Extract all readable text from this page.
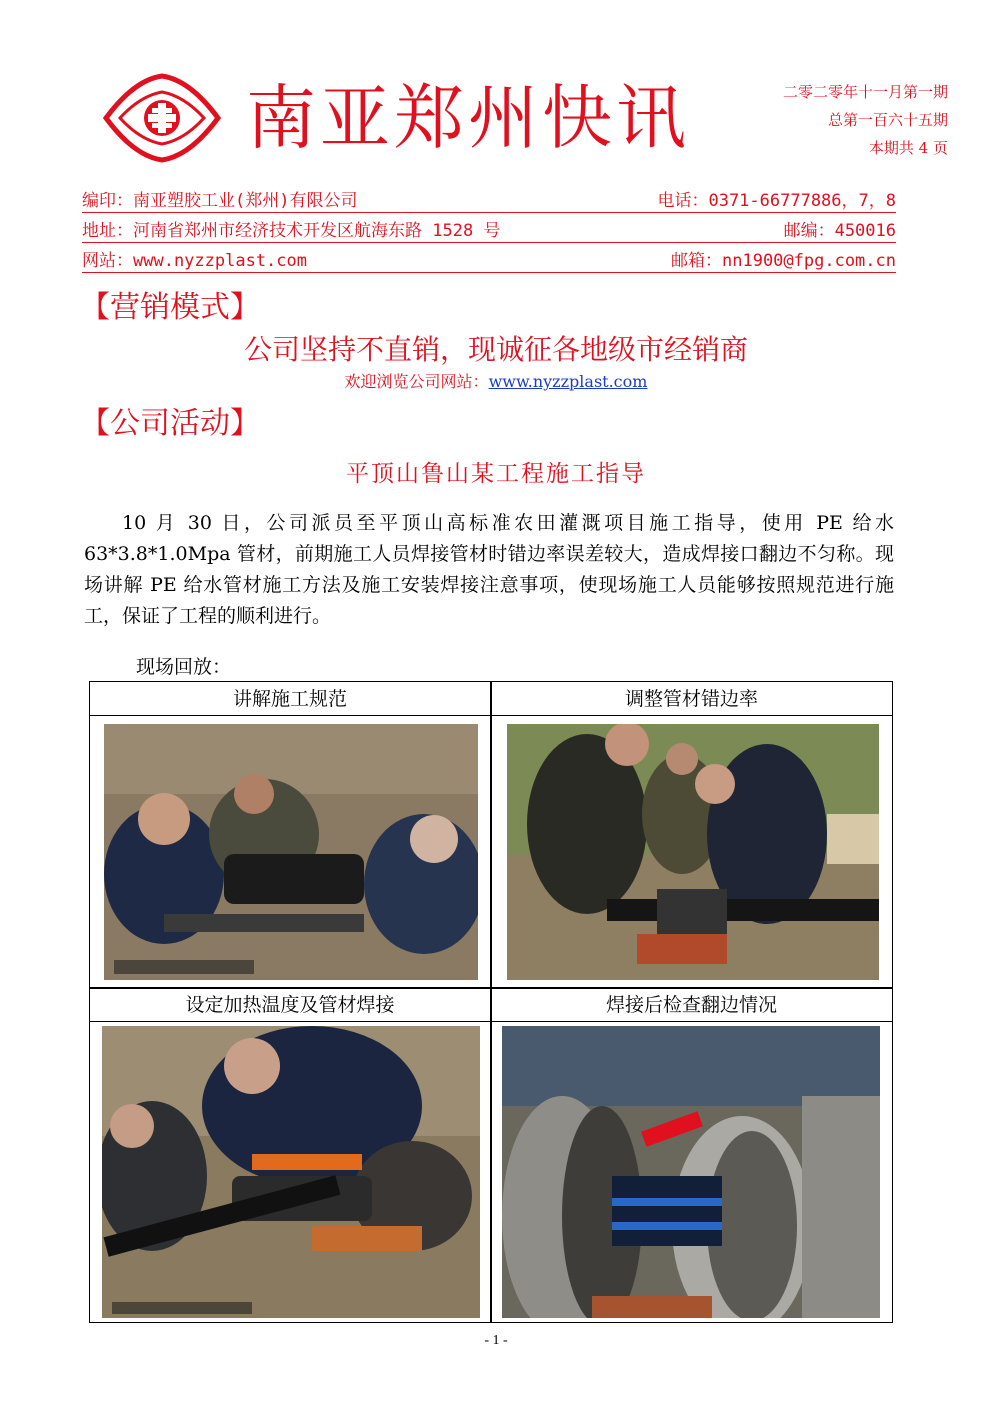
南亚郑州快讯	二零二零年十一月第一期
总第一百六十五期
本期共 4 页
编印：南亚塑胶工业(郑州)有限公司	电话：0371-66777886，7，8
地址：河南省郑州市经济技术开发区航海东路 1528 号	邮编：450016
网站：www.nyzzplast.com	邮箱：nn1900@fpg.com.cn
【营销模式】
公司坚持不直销，现诚征各地级市经销商
欢迎浏览公司网站：www.nyzzplast.com
【公司活动】
平顶山鲁山某工程施工指导

10 月 30 日，公司派员至平顶山高标准农田灌溉项目施工指导，使用 PE 给水 63*3.8*1.0Mpa 管材，前期施工人员焊接管材时错边率误差较大，造成焊接口翻边不匀称。现场讲解 PE 给水管材施工方法及施工安装焊接注意事项，使现场施工人员能够按照规范进行施工，保证了工程的顺利进行。

现场回放：
讲解施工规范	调整管材错边率
设定加热温度及管材焊接	焊接后检查翻边情况
- 1 -
